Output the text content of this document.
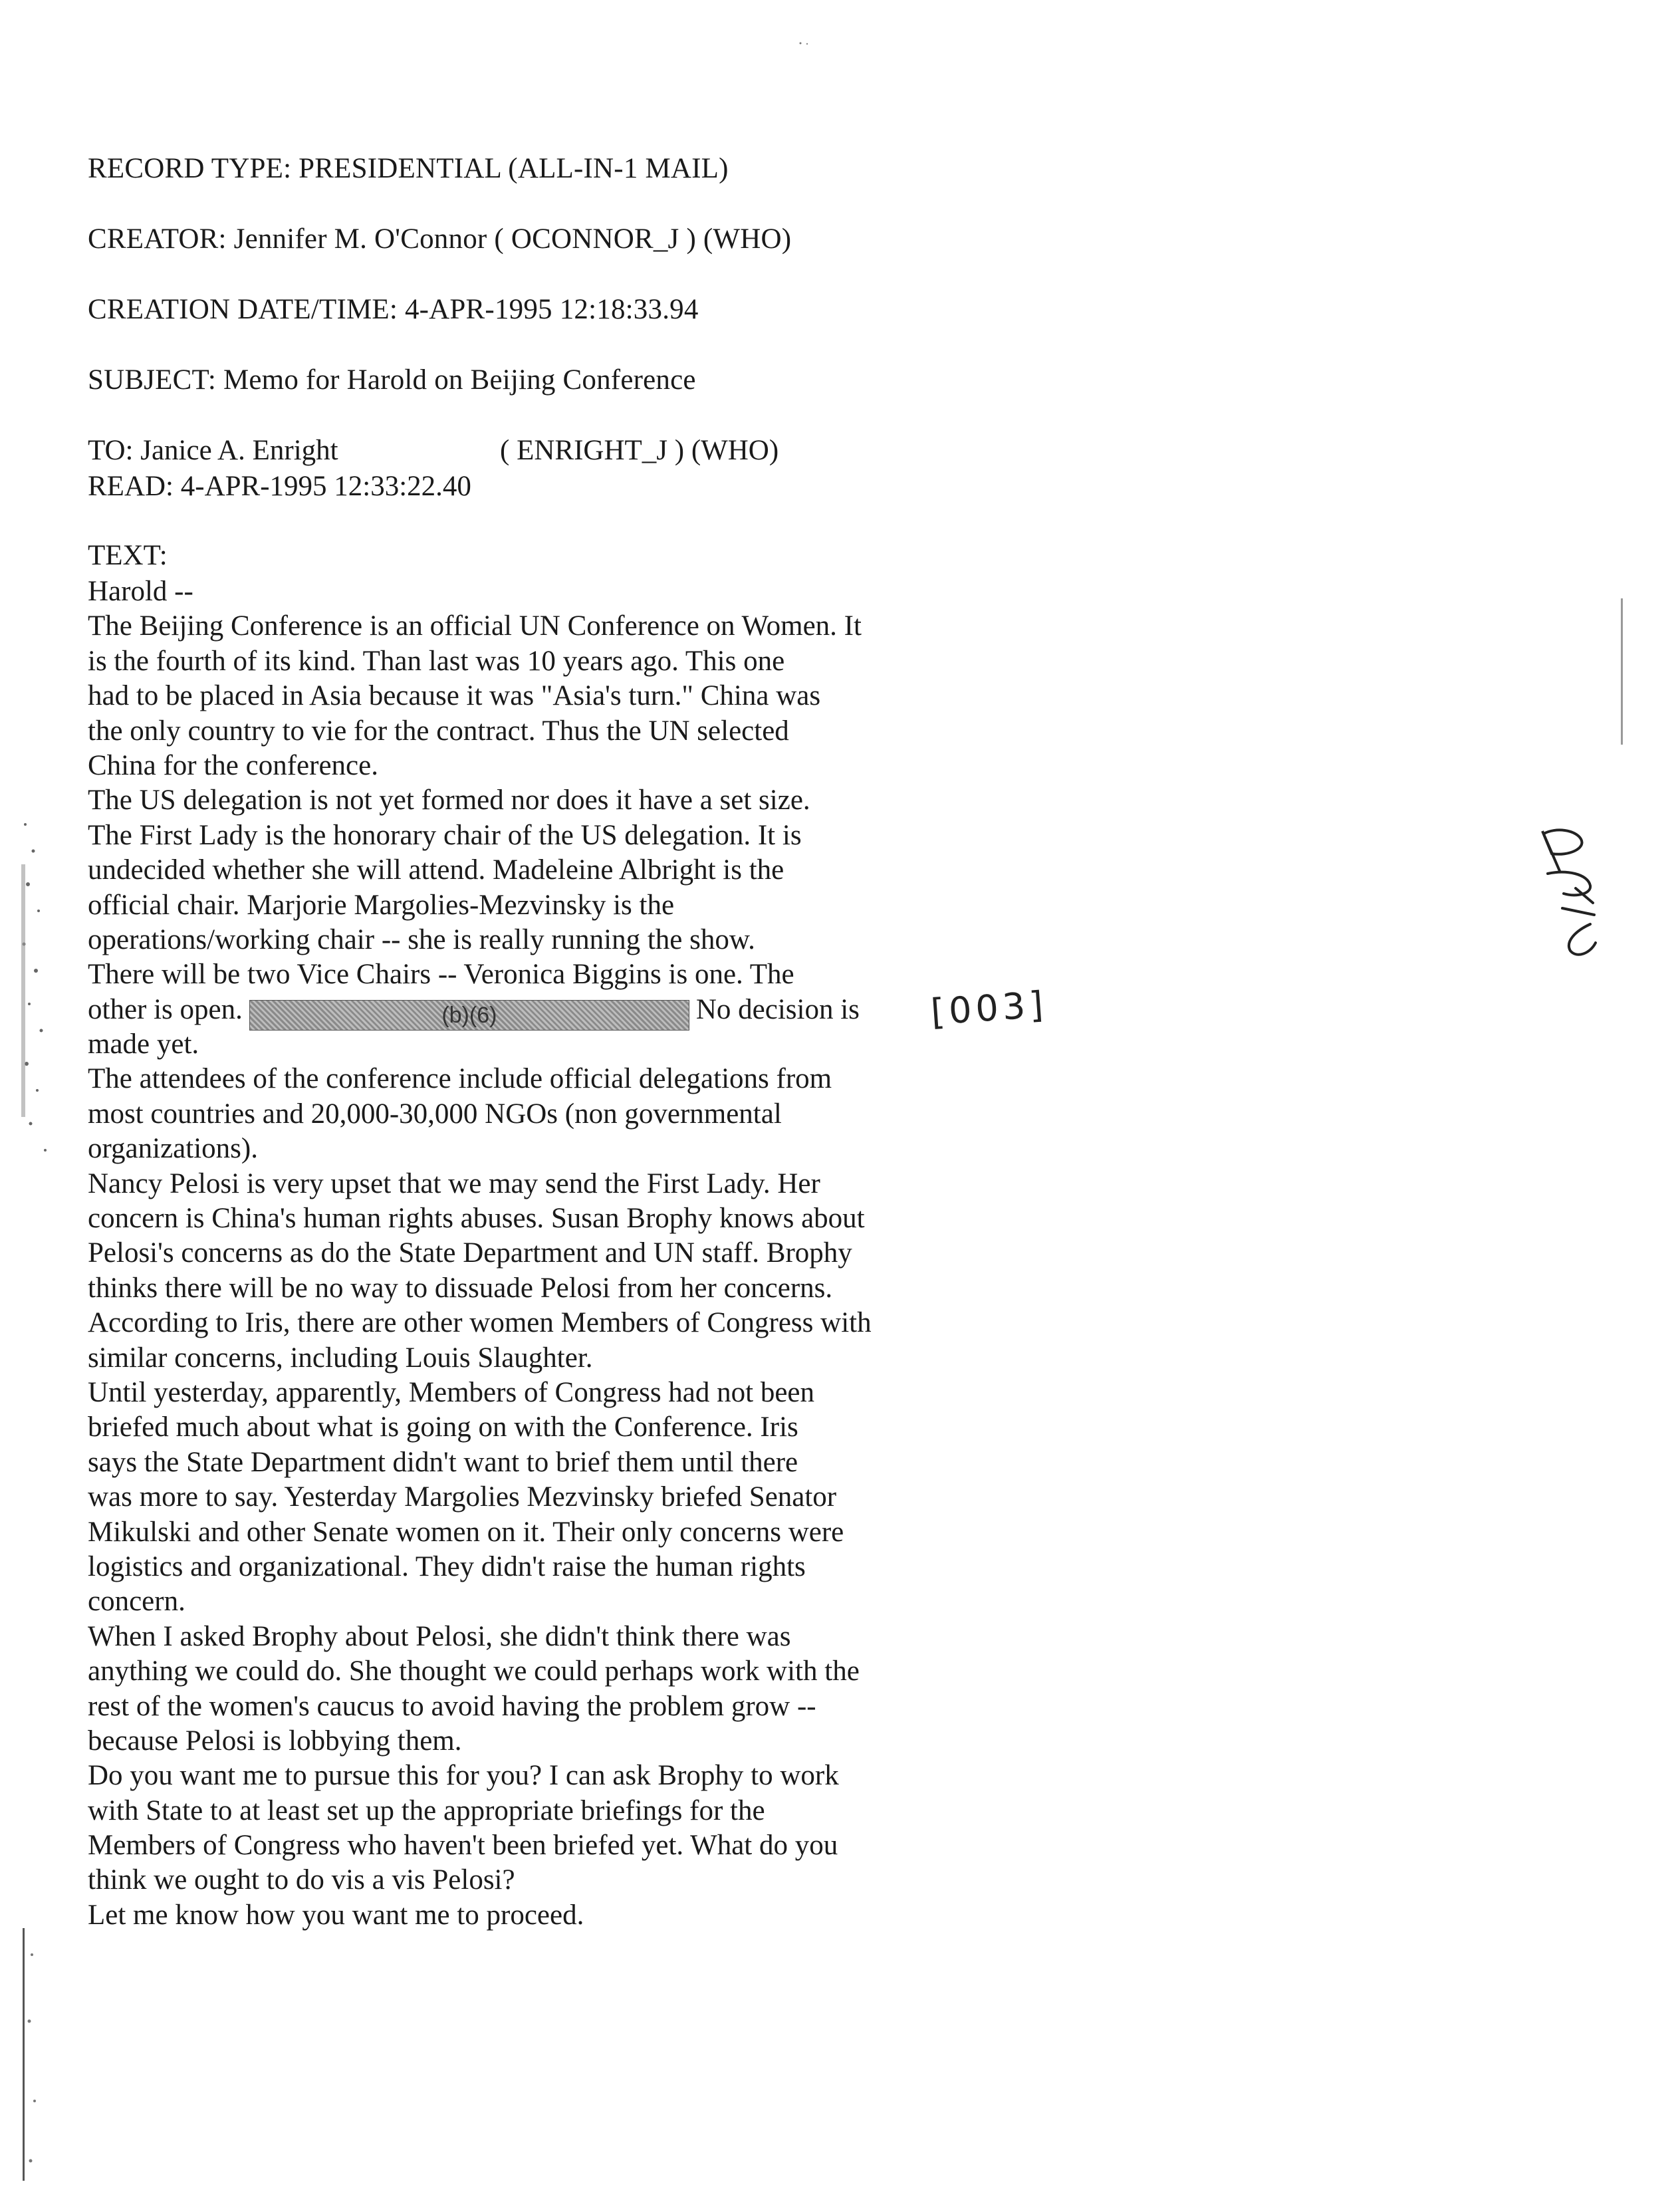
RECORD TYPE: PRESIDENTIAL (ALL-IN-1 MAIL)
CREATOR: Jennifer M. O'Connor ( OCONNOR_J ) (WHO)
CREATION DATE/TIME: 4-APR-1995 12:18:33.94
SUBJECT: Memo for Harold on Beijing Conference
TO: Janice A. Enright	( ENRIGHT_J ) (WHO)
READ: 4-APR-1995 12:33:22.40
TEXT:
Harold --
The Beijing Conference is an official UN Conference on Women. It
is the fourth of its kind. Than last was 10 years ago. This one
had to be placed in Asia because it was "Asia's turn." China was
the only country to vie for the contract. Thus the UN selected
China for the conference.
The US delegation is not yet formed nor does it have a set size.
The First Lady is the honorary chair of the US delegation. It is
undecided whether she will attend. Madeleine Albright is the
official chair. Marjorie Margolies-Mezvinsky is the
operations/working chair -- she is really running the show.
There will be two Vice Chairs -- Veronica Biggins is one. The
other is open.	(b)(6)	No decision is
made yet.
The attendees of the conference include official delegations from
most countries and 20,000-30,000 NGOs (non governmental
organizations).
Nancy Pelosi is very upset that we may send the First Lady. Her
concern is China's human rights abuses. Susan Brophy knows about
Pelosi's concerns as do the State Department and UN staff. Brophy
thinks there will be no way to dissuade Pelosi from her concerns.
According to Iris, there are other women Members of Congress with
similar concerns, including Louis Slaughter.
Until yesterday, apparently, Members of Congress had not been
briefed much about what is going on with the Conference. Iris
says the State Department didn't want to brief them until there
was more to say. Yesterday Margolies Mezvinsky briefed Senator
Mikulski and other Senate women on it. Their only concerns were
logistics and organizational. They didn't raise the human rights
concern.
When I asked Brophy about Pelosi, she didn't think there was
anything we could do. She thought we could perhaps work with the
rest of the women's caucus to avoid having the problem grow --
because Pelosi is lobbying them.
Do you want me to pursue this for you? I can ask Brophy to work
with State to at least set up the appropriate briefings for the
Members of Congress who haven't been briefed yet. What do you
think we ought to do vis a vis Pelosi?
Let me know how you want me to proceed.
[003]
